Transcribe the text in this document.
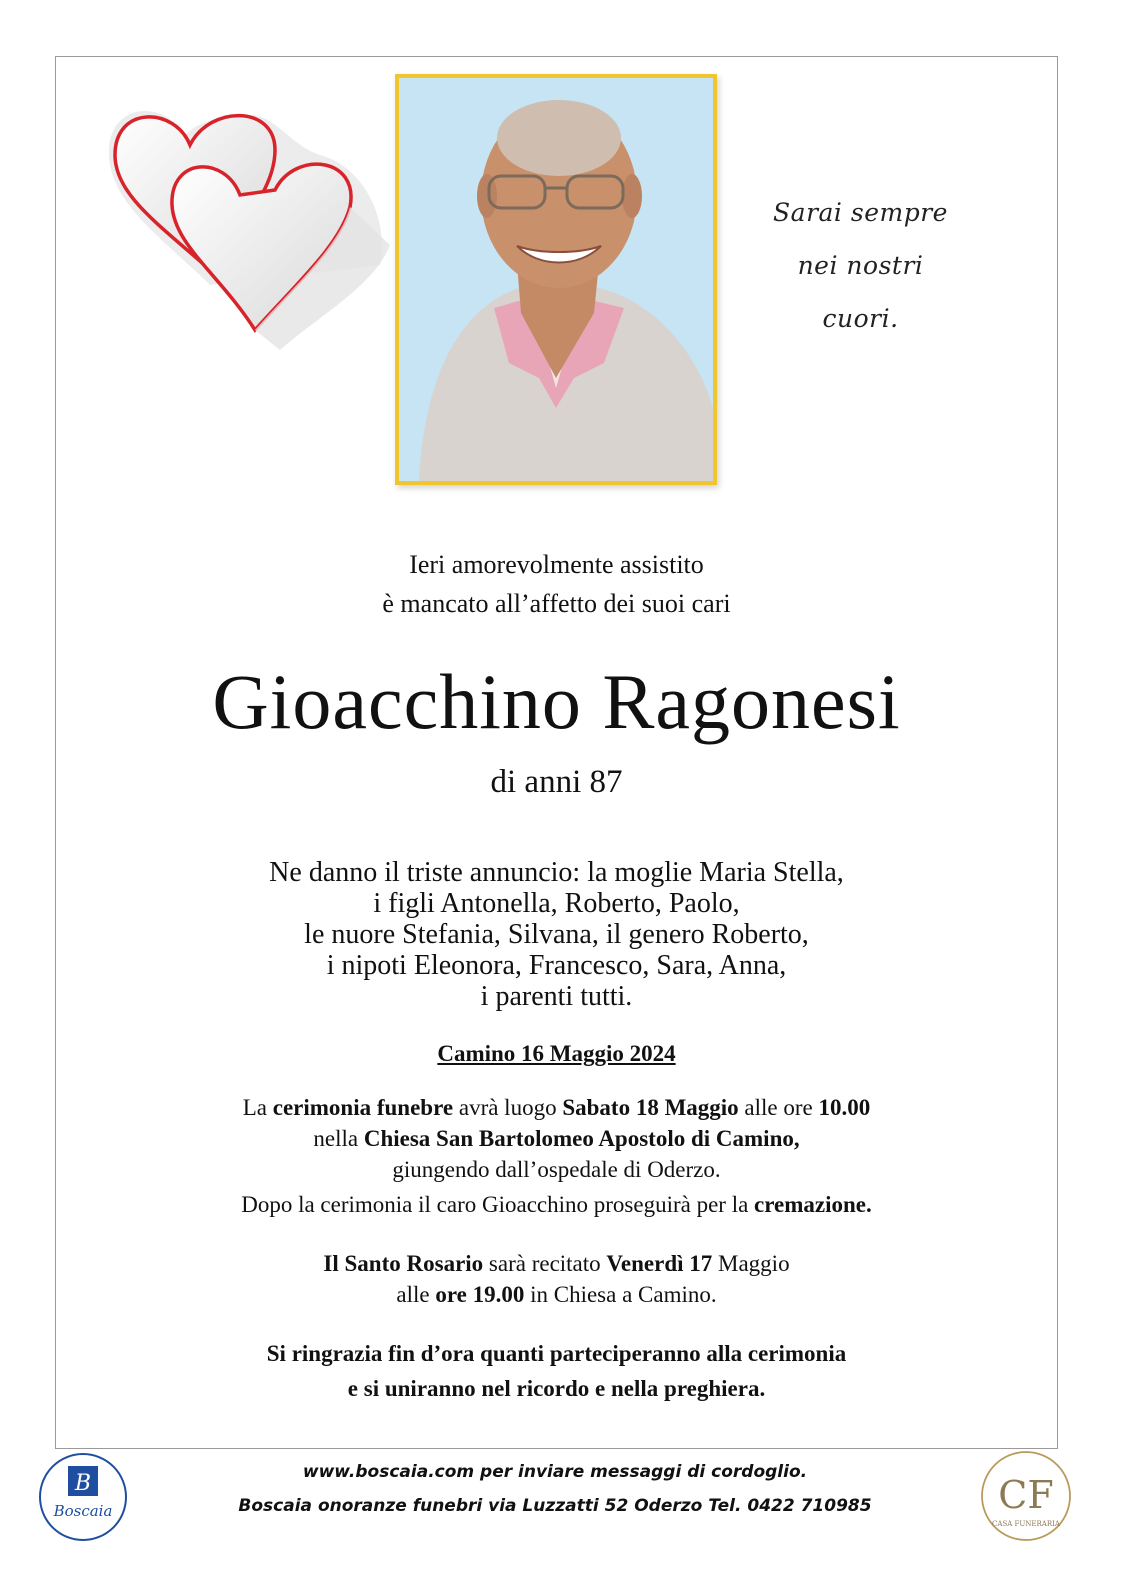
Sarai sempre
nei nostri
cuori.
Ieri amorevolmente assistito
è mancato all’affetto dei suoi cari
Gioacchino Ragonesi
di anni 87
Ne danno il triste annuncio: la moglie Maria Stella,
i figli Antonella, Roberto, Paolo,
le nuore Stefania, Silvana, il genero Roberto,
i nipoti Eleonora, Francesco, Sara, Anna,
i parenti tutti.
Camino 16 Maggio 2024
La cerimonia funebre avrà luogo Sabato 18 Maggio alle ore 10.00
nella Chiesa San Bartolomeo Apostolo di Camino,
giungendo dall’ospedale di Oderzo.
Dopo la cerimonia il caro Gioacchino proseguirà per la cremazione.
Il Santo Rosario sarà recitato Venerdì 17 Maggio
alle ore 19.00 in Chiesa a Camino.
Si ringrazia fin d’ora quanti parteciperanno alla cerimonia
e si uniranno nel ricordo e nella preghiera.
B
Boscaia	CF
CASA FUNERARIA
www.boscaia.com per inviare messaggi di cordoglio.
Boscaia onoranze funebri via Luzzatti 52 Oderzo Tel. 0422 710985
